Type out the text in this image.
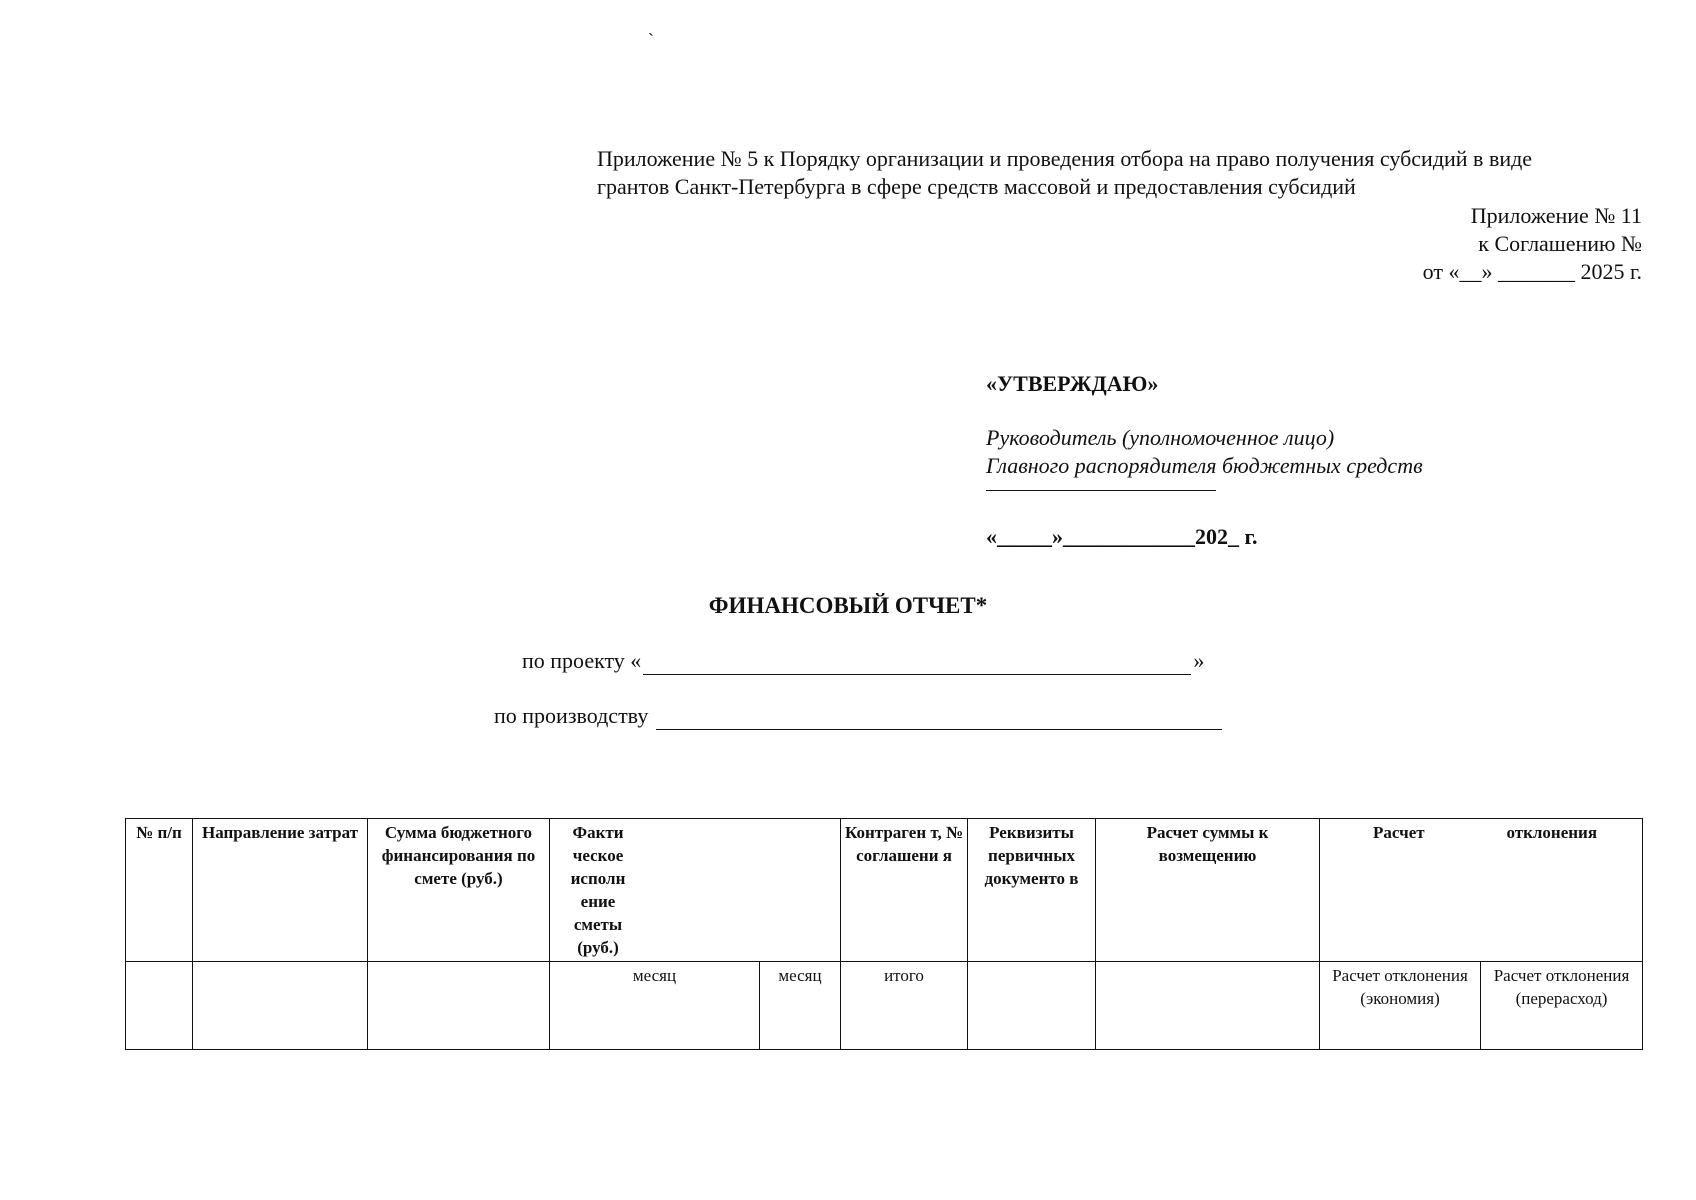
`
Приложение № 5 к Порядку организации и проведения отбора на право получения субсидий в виде
грантов Санкт-Петербурга в сфере средств массовой и предоставления субсидий
Приложение № 11
к Соглашению №
от «__» _______ 2025 г.
«УТВЕРЖДАЮ»
Руководитель (уполномоченное лицо)
Главного распорядителя бюджетных средств
«_____»____________202_ г.
ФИНАНСОВЫЙ ОТЧЕТ*
по проекту «	»
по производству
№ п/п	Направление затрат	Сумма бюджетного финансирования по смете (руб.)	Факти ческое исполн ение сметы (руб.)		Контраген т, № соглашени я	Реквизиты первичных документо в	Расчет суммы к возмещению	Расчет отклонения	

			месяц	месяц	итого			Расчет отклонения (экономия)	Расчет отклонения (перерасход)
